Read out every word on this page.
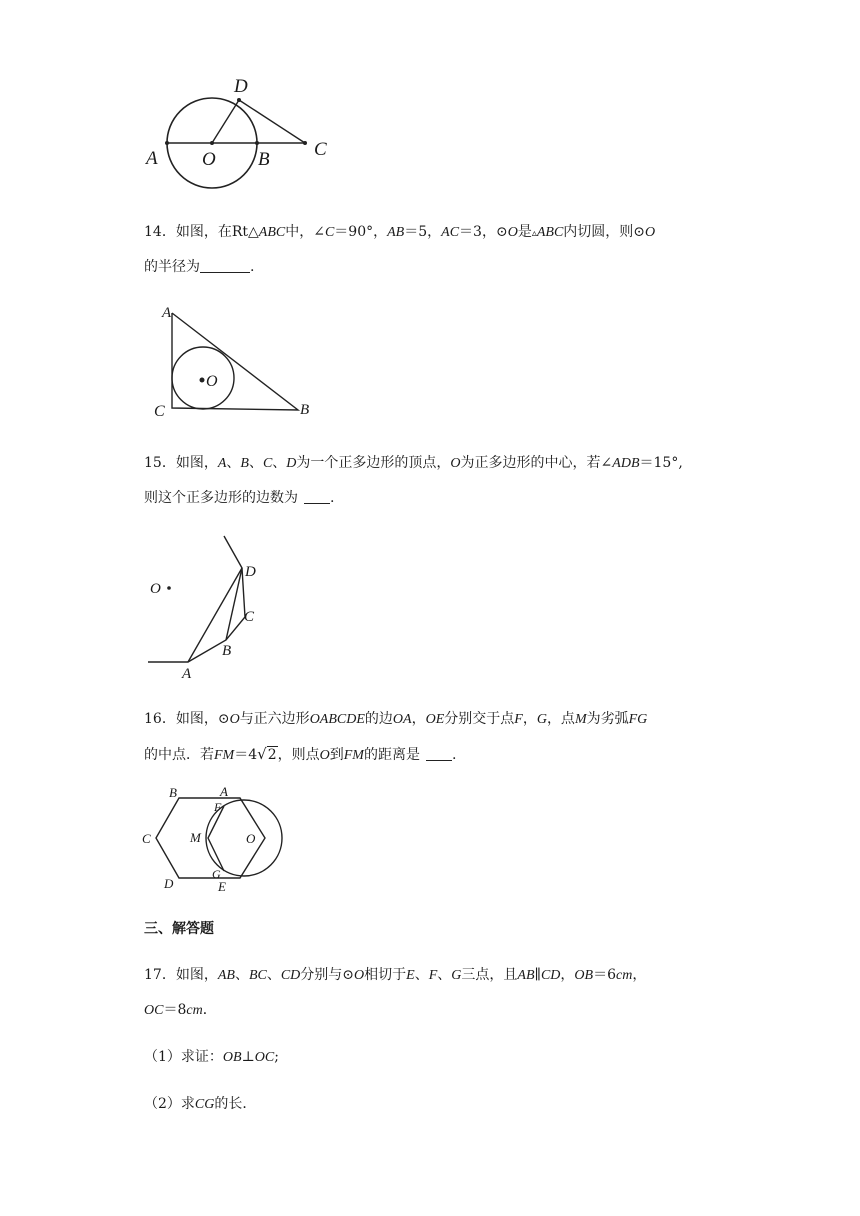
D
A O B C
14．如图，在Rt△ABC中，∠C＝90°，AB＝5，AC＝3，⊙O是▵ABC内切圆，则⊙O
的半径为	.
A
O
C	B
15．如图，A、B、C、D为一个正多边形的顶点，O为正多边形的中心，若∠ADB＝15°,
则这个正多边形的边数为 .
O
D
C
B
A
16．如图，⊙O与正六边形OABCDE的边OA，OE分别交于点F，G，点M为劣弧FG
的中点．若FM＝4√2，则点O到FM的距离是 .
B	A
F
C	M	O
D
G
E
三、解答题
17．如图，AB、BC、CD分别与⊙O相切于E、F、G三点，且AB∥CD，OB＝6cm，
OC＝8cm．
（1）求证：OB⊥OC;
（2）求CG的长．
